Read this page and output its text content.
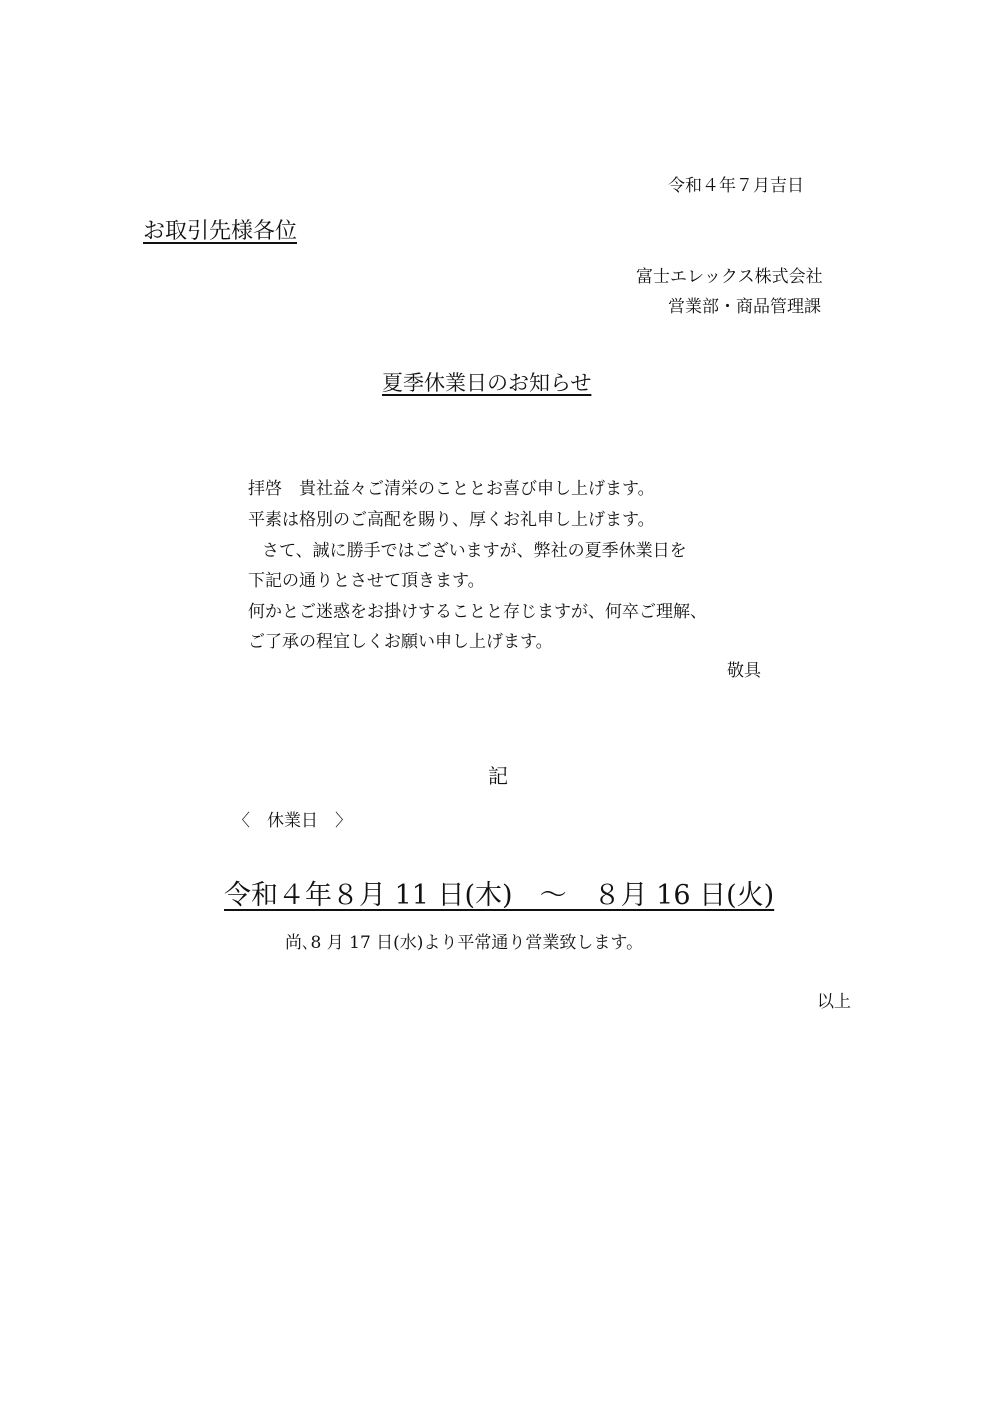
令和４年７月吉日
お取引先様各位
富士エレックス株式会社
営業部・商品管理課
夏季休業日のお知らせ
拝啓　貴社益々ご清栄のこととお喜び申し上げます。
平素は格別のご高配を賜り、厚くお礼申し上げます。
さて、誠に勝手ではございますが、弊社の夏季休業日を
下記の通りとさせて頂きます。
何かとご迷惑をお掛けすることと存じますが、何卒ご理解、
ご了承の程宜しくお願い申し上げます。
敬具
記
〈　休業日　〉
令和４年８月 11 日(木)　～　８月 16 日(火)
尚､8 月 17 日(水)より平常通り営業致します。
以上
